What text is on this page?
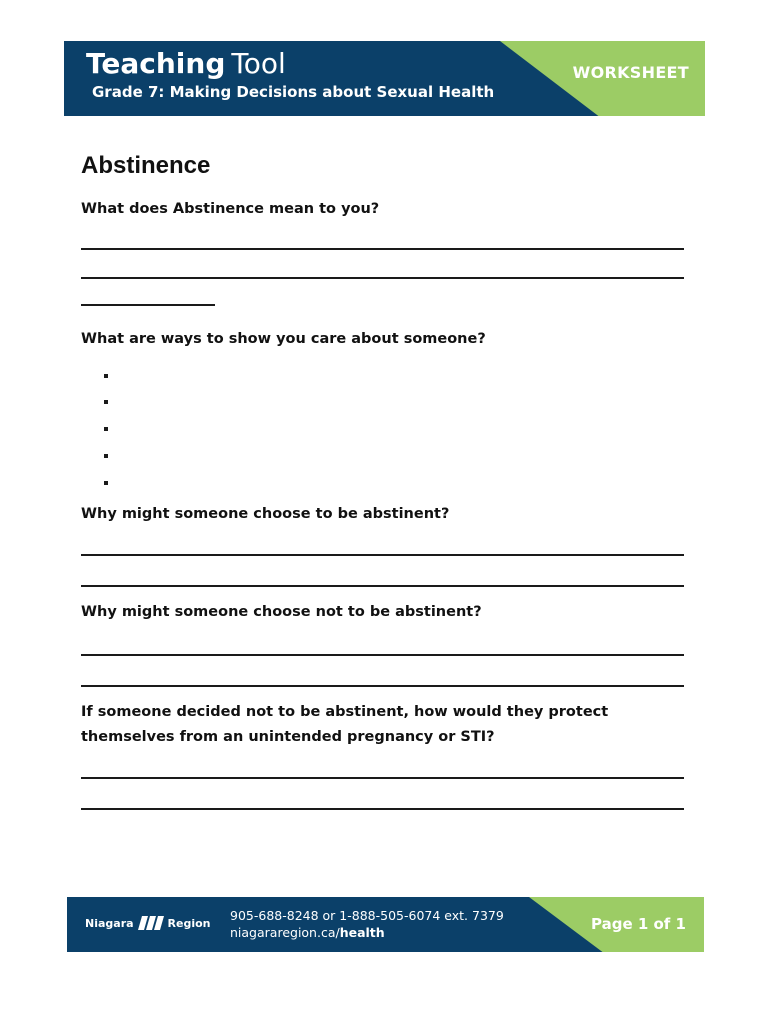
Teaching Tool
Grade 7: Making Decisions about Sexual Health
WORKSHEET
Abstinence

What does Abstinence mean to you?

What are ways to show you care about someone?

Why might someone choose to be abstinent?

Why might someone choose not to be abstinent?

If someone decided not to be abstinent, how would they protect
themselves from an unintended pregnancy or STI?

Niagara	Region 905-688-8248 or 1-888-505-6074 ext. 7379
niagararegion.ca/health	Page 1 of 1
